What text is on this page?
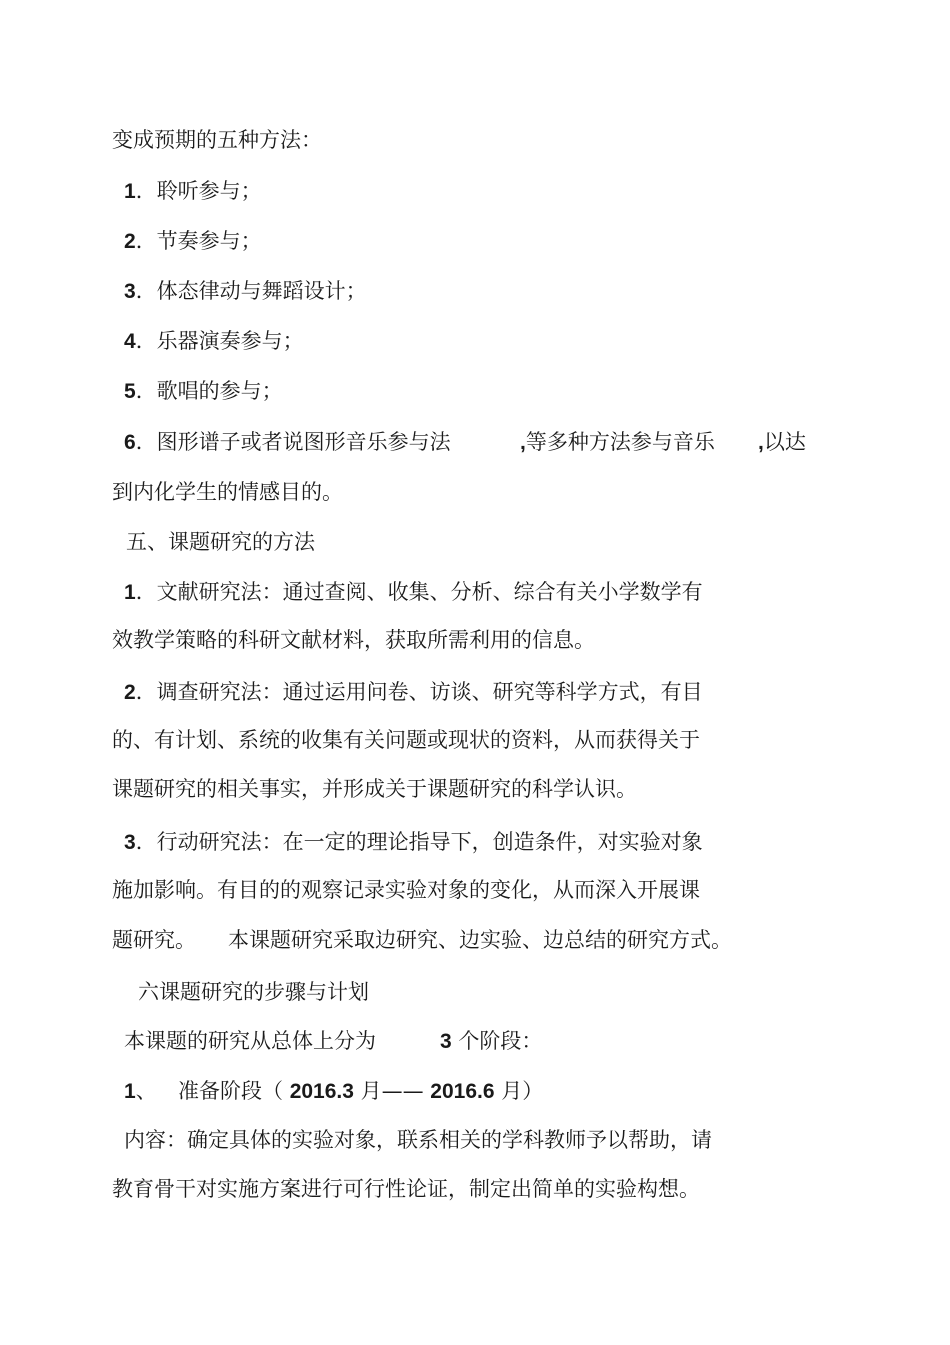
变成预期的五种方法：
1．聆听参与；
2．节奏参与；
3．体态律动与舞蹈设计；
4．乐器演奏参与；
5．歌唱的参与；
6．图形谱子或者说图形音乐参与法	,等多种方法参与音乐 ,以达
到内化学生的情感目的。
五、课题研究的方法
1．文献研究法：通过查阅、收集、分析、综合有关小学数学有
效教学策略的科研文献材料，获取所需利用的信息。
2．调查研究法：通过运用问卷、访谈、研究等科学方式，有目
的、有计划、系统的收集有关问题或现状的资料，从而获得关于
课题研究的相关事实，并形成关于课题研究的科学认识。
3．行动研究法：在一定的理论指导下，创造条件，对实验对象
施加影响。有目的的观察记录实验对象的变化，从而深入开展课
题研究。 本课题研究采取边研究、边实验、边总结的研究方式。
六课题研究的步骤与计划
本课题的研究从总体上分为	3 个阶段：
1、 准备阶段（ 2016.3 月—— 2016.6 月）
内容：确定具体的实验对象，联系相关的学科教师予以帮助，请
教育骨干对实施方案进行可行性论证，制定出简单的实验构想。
